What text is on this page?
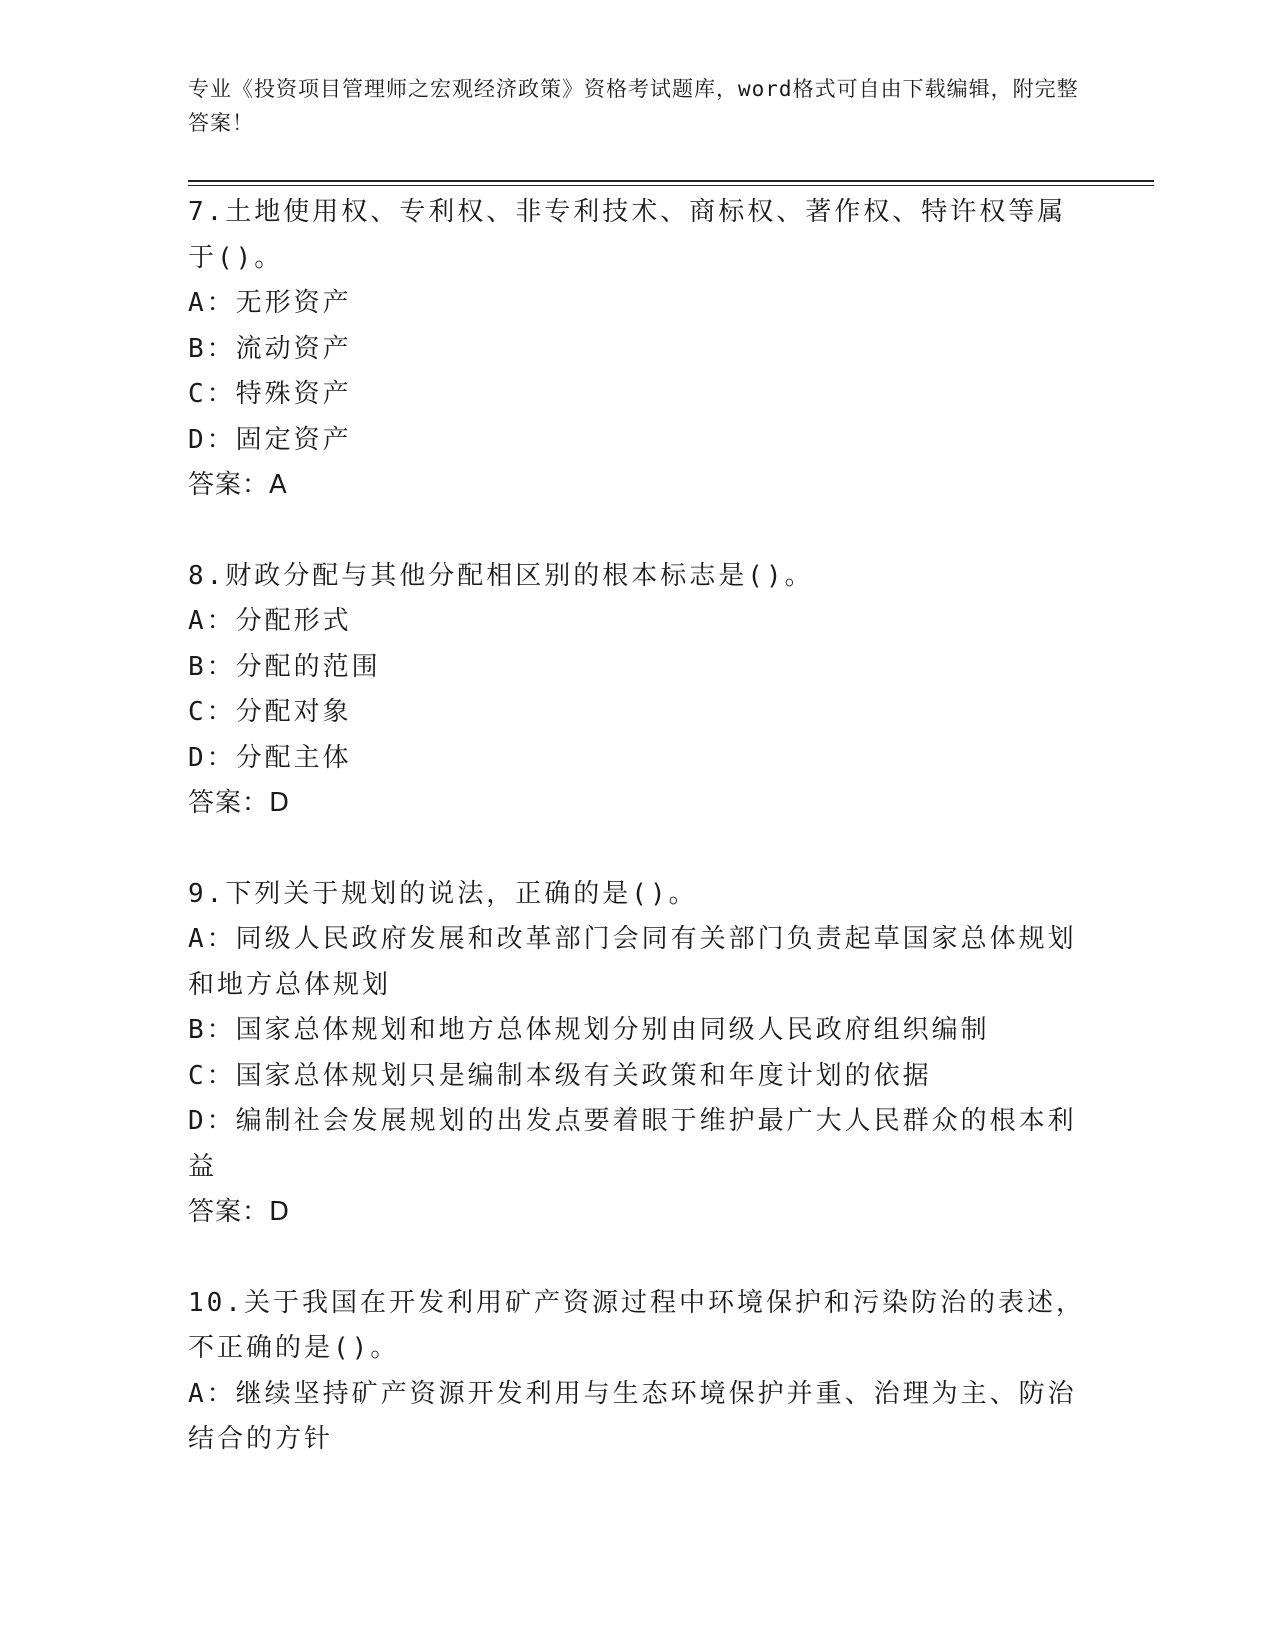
专业《投资项目管理师之宏观经济政策》资格考试题库，word格式可自由下载编辑，附完整答案！

7.土地使用权、专利权、非专利技术、商标权、著作权、特许权等属于()。

A：无形资产

B：流动资产

C：特殊资产

D：固定资产

答案：A

8.财政分配与其他分配相区别的根本标志是()。

A：分配形式

B：分配的范围

C：分配对象

D：分配主体

答案：D

9.下列关于规划的说法，正确的是()。

A：同级人民政府发展和改革部门会同有关部门负责起草国家总体规划和地方总体规划

B：国家总体规划和地方总体规划分别由同级人民政府组织编制

C：国家总体规划只是编制本级有关政策和年度计划的依据

D：编制社会发展规划的出发点要着眼于维护最广大人民群众的根本利益

答案：D

10.关于我国在开发利用矿产资源过程中环境保护和污染防治的表述，不正确的是()。

A：继续坚持矿产资源开发利用与生态环境保护并重、治理为主、防治结合的方针
